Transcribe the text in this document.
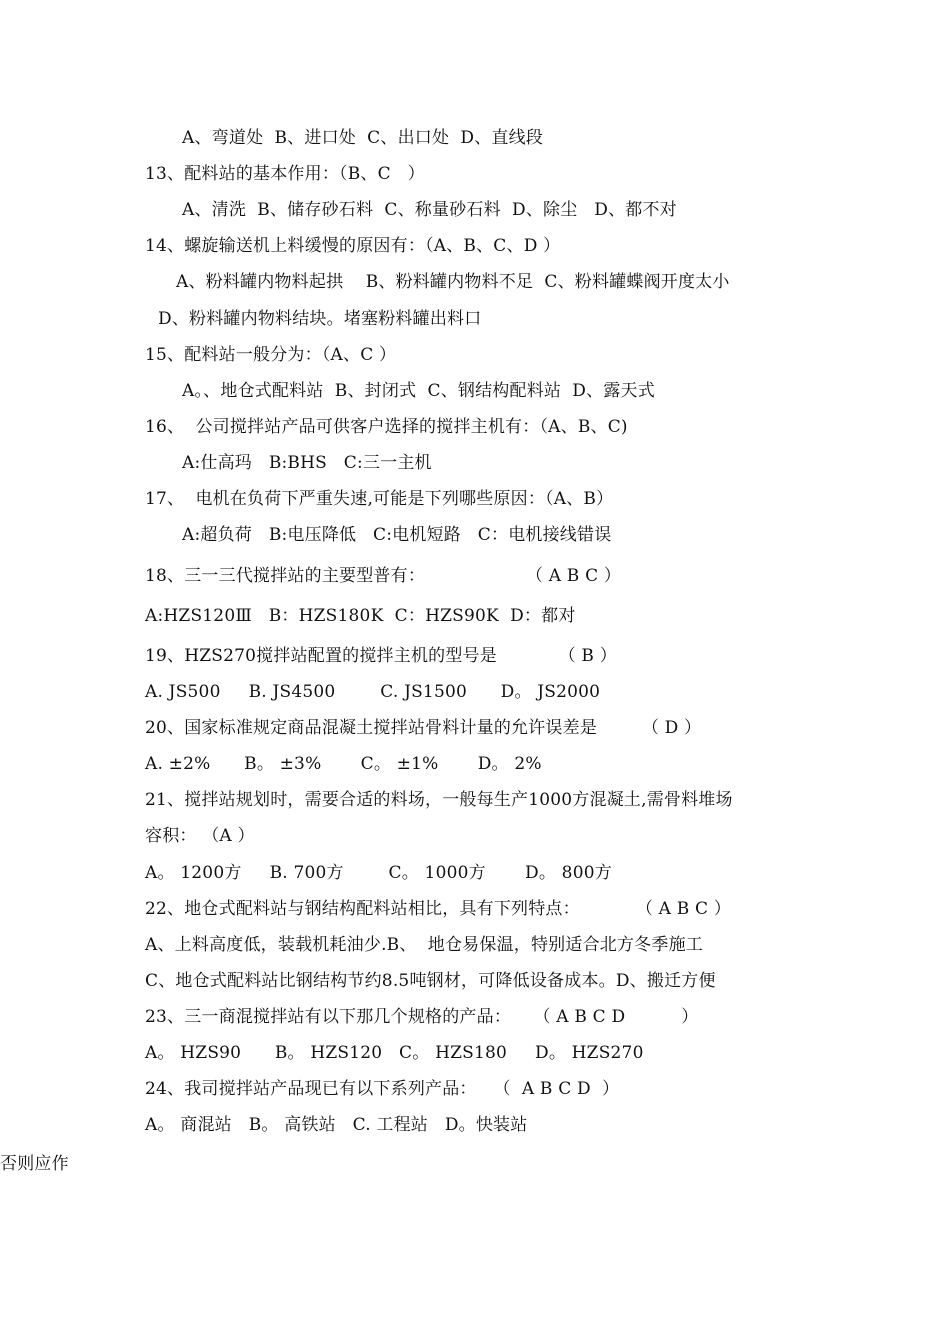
A、弯道处  B、进口处  C、出口处  D、直线段
13、配料站的基本作用：（B、C   ）
A、清洗  B、储存砂石料  C、称量砂石料  D、除尘   D、都不对
14、螺旋输送机上料缓慢的原因有：（A、B、C、D ）
A、粉料罐内物料起拱    B、粉料罐内物料不足  C、粉料罐蝶阀开度太小
D、粉料罐内物料结块。堵塞粉料罐出料口
15、配料站一般分为：（A、C ）
A。、地仓式配料站  B、封闭式  C、钢结构配料站  D、露天式
16、  公司搅拌站产品可供客户选择的搅拌主机有：（A、B、C)
A:仕高玛   B:BHS   C:三一主机
17、  电机在负荷下严重失速,可能是下列哪些原因：（A、B）
A:超负荷   B:电压降低   C:电机短路   C：电机接线错误
18、三一三代搅拌站的主要型普有：                  （ A B C ）
A:HZS120Ⅲ   B：HZS180K  C：HZS90K  D：都对
19、HZS270搅拌站配置的搅拌主机的型号是           （ B ）
A. JS500     B. JS4500        C. JS1500      D。 JS2000
20、国家标准规定商品混凝土搅拌站骨料计量的允许误差是        （ D ）
A. ±2%      B。 ±3%       C。 ±1%       D。 2%
21、搅拌站规划时，需要合适的料场，一般每生产1000方混凝土,需骨料堆场
容积： （A ）
A。 1200方     B. 700方        C。 1000方       D。 800方
22、地仓式配料站与钢结构配料站相比，具有下列特点：          （ A B C ）
A、上料高度低，装载机耗油少.B、  地仓易保温，特别适合北方冬季施工
C、地仓式配料站比钢结构节约8.5吨钢材，可降低设备成本。D、搬迁方便
23、三一商混搅拌站有以下那几个规格的产品：    （ A B C D          ）
A。 HZS90      B。 HZS120   C。 HZS180     D。 HZS270
24、我司搅拌站产品现已有以下系列产品：   （  A B C D  ）
A。 商混站   B。 高铁站   C. 工程站   D。快装站
否则应作
